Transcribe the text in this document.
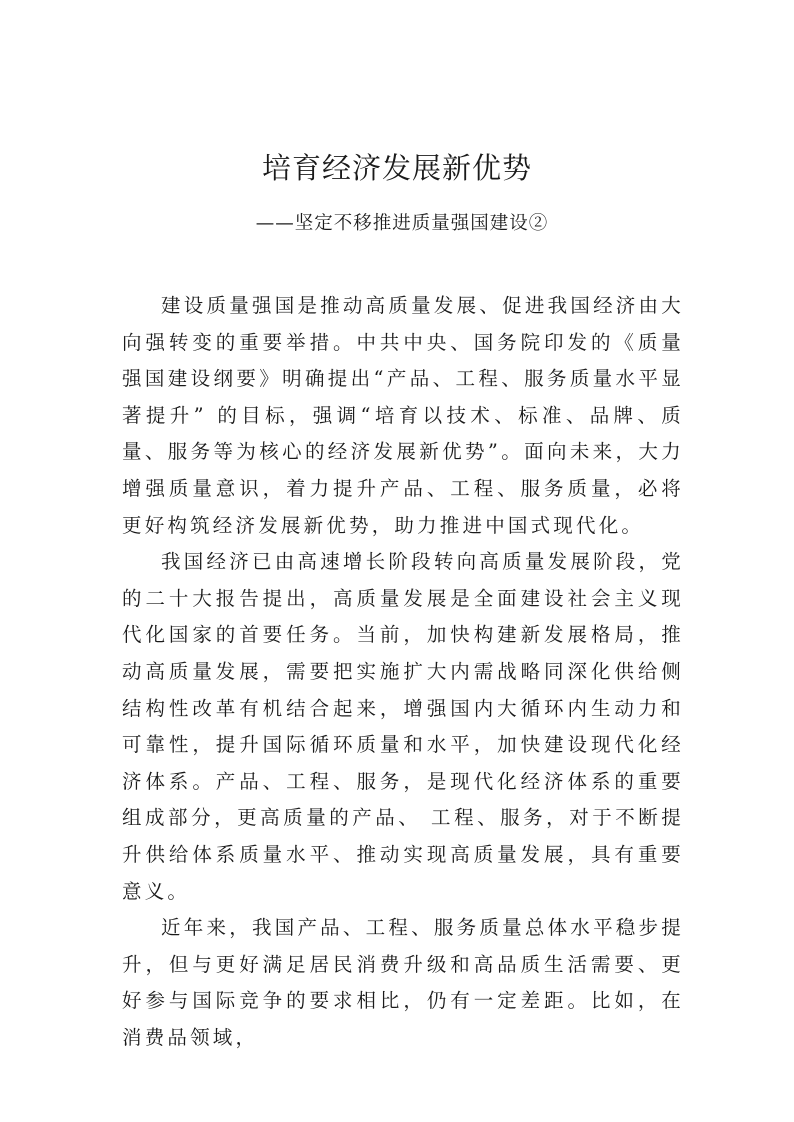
培育经济发展新优势
——坚定不移推进质量强国建设②

建设质量强国是推动高质量发展、促进我国经济由大向强转变的重要举措。中共中央、国务院印发的《质量强国建设纲要》明确提出“产品、工程、服务质量水平显著提升” 的目标，强调“培育以技术、标准、品牌、质量、服务等为核心的经济发展新优势”。面向未来，大力增强质量意识，着力提升产品、工程、服务质量，必将更好构筑经济发展新优势，助力推进中国式现代化。

我国经济已由高速增长阶段转向高质量发展阶段，党的二十大报告提出，高质量发展是全面建设社会主义现代化国家的首要任务。当前，加快构建新发展格局，推动高质量发展，需要把实施扩大内需战略同深化供给侧结构性改革有机结合起来，增强国内大循环内生动力和可靠性，提升国际循环质量和水平，加快建设现代化经济体系。产品、工程、服务，是现代化经济体系的重要组成部分，更高质量的产品、 工程、服务，对于不断提升供给体系质量水平、推动实现高质量发展，具有重要意义。

近年来，我国产品、工程、服务质量总体水平稳步提升，但与更好满足居民消费升级和高品质生活需要、更好参与国际竞争的要求相比，仍有一定差距。比如，在消费品领域，
